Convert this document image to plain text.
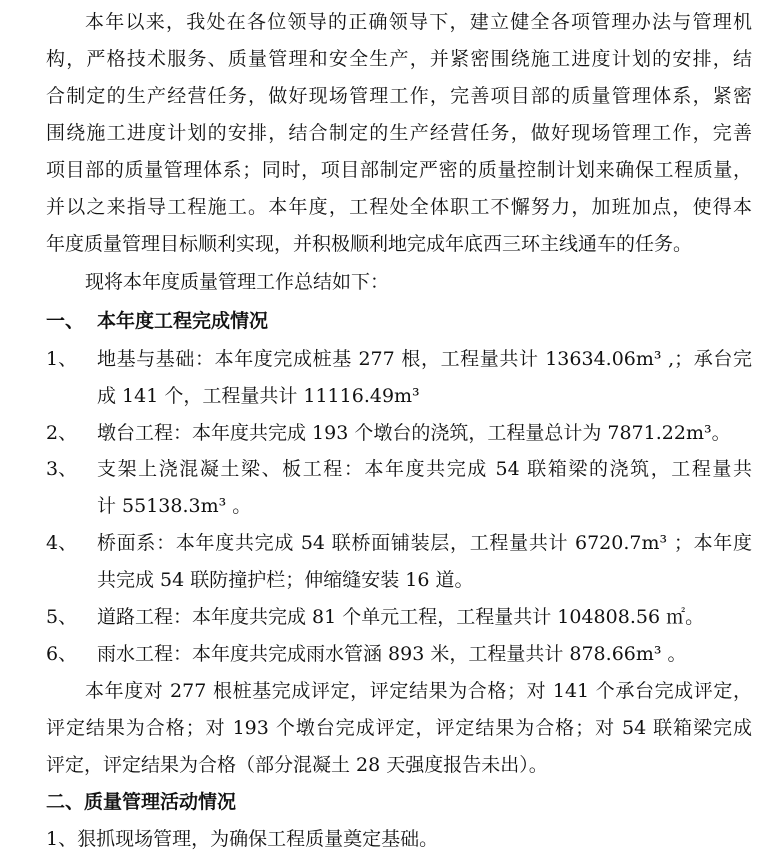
本年以来，我处在各位领导的正确领导下，建立健全各项管理办法与管理机
构，严格技术服务、质量管理和安全生产，并紧密围绕施工进度计划的安排，结
合制定的生产经营任务，做好现场管理工作，完善项目部的质量管理体系，紧密
围绕施工进度计划的安排，结合制定的生产经营任务，做好现场管理工作，完善
项目部的质量管理体系；同时，项目部制定严密的质量控制计划来确保工程质量，
并以之来指导工程施工。本年度，工程处全体职工不懈努力，加班加点，使得本
年度质量管理目标顺利实现，并积极顺利地完成年底西三环主线通车的任务。
现将本年度质量管理工作总结如下：
一、 本年度工程完成情况
1、 地基与基础：本年度完成桩基 277 根，工程量共计 13634.06m³ ,；承台完
成 141 个，工程量共计 11116.49m³
2、 墩台工程：本年度共完成 193 个墩台的浇筑，工程量总计为 7871.22m³。
3、 支架上浇混凝土梁、板工程：本年度共完成 54 联箱梁的浇筑，工程量共
计 55138.3m³ 。
4、 桥面系：本年度共完成 54 联桥面铺装层，工程量共计 6720.7m³ ；本年度
共完成 54 联防撞护栏；伸缩缝安装 16 道。
5、 道路工程：本年度共完成 81 个单元工程，工程量共计 104808.56 ㎡。
6、 雨水工程：本年度共完成雨水管涵 893 米，工程量共计 878.66m³ 。
本年度对 277 根桩基完成评定，评定结果为合格；对 141 个承台完成评定，
评定结果为合格；对 193 个墩台完成评定，评定结果为合格；对 54 联箱梁完成
评定，评定结果为合格（部分混凝土 28 天强度报告未出）。
二、质量管理活动情况
1、狠抓现场管理，为确保工程质量奠定基础。
